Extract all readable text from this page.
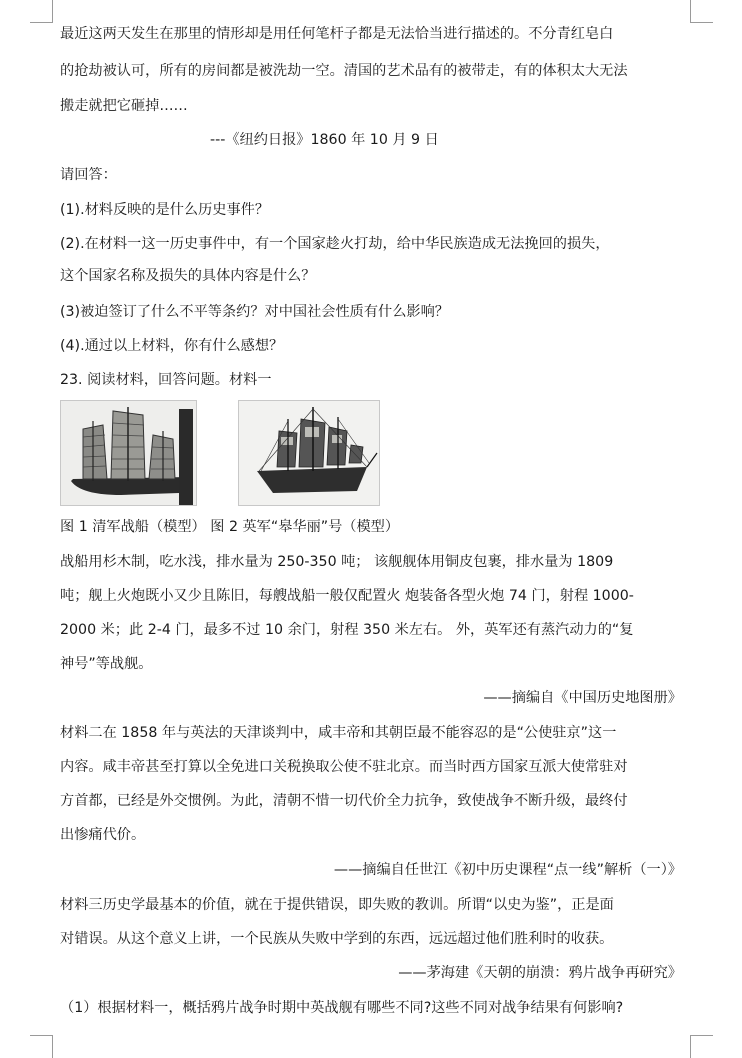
最近这两天发生在那里的情形却是用任何笔杆子都是无法恰当进行描述的。不分青红皂白
的抢劫被认可，所有的房间都是被洗劫一空。清国的艺术品有的被带走，有的体积太大无法
搬走就把它砸掉……
---《纽约日报》1860 年 10 月 9 日
请回答：
(1).材料反映的是什么历史事件？
(2).在材料一这一历史事件中，有一个国家趁火打劫，给中华民族造成无法挽回的损失，
这个国家名称及损失的具体内容是什么？
(3)被迫签订了什么不平等条约？对中国社会性质有什么影响？
(4).通过以上材料，你有什么感想？
23. 阅读材料，回答问题。材料一
图 1 清军战船（模型） 图 2 英军“皋华丽”号（模型）
战船用杉木制，吃水浅，排水量为 250-350 吨； 该舰舰体用铜皮包裹，排水量为 1809
吨；舰上火炮既小又少且陈旧，每艘战船一般仅配置火 炮装备各型火炮 74 门，射程 1000-
2000 米；此 2-4 门，最多不过 10 余门，射程 350 米左右。 外，英军还有蒸汽动力的“复
神号”等战舰。
——摘编自《中国历史地图册》
材料二在 1858 年与英法的天津谈判中，咸丰帝和其朝臣最不能容忍的是“公使驻京”这一
内容。咸丰帝甚至打算以全免进口关税换取公使不驻北京。而当时西方国家互派大使常驻对
方首都，已经是外交惯例。为此，清朝不惜一切代价全力抗争，致使战争不断升级，最终付
出惨痛代价。
——摘编自任世江《初中历史课程“点一线”解析（一）》
材料三历史学最基本的价值，就在于提供错误，即失败的教训。所谓“以史为鉴”，正是面
对错误。从这个意义上讲，一个民族从失败中学到的东西，远远超过他们胜利时的收获。
——茅海建《天朝的崩溃：鸦片战争再研究》
（1）根据材料一，概括鸦片战争时期中英战舰有哪些不同?这些不同对战争结果有何影响?
